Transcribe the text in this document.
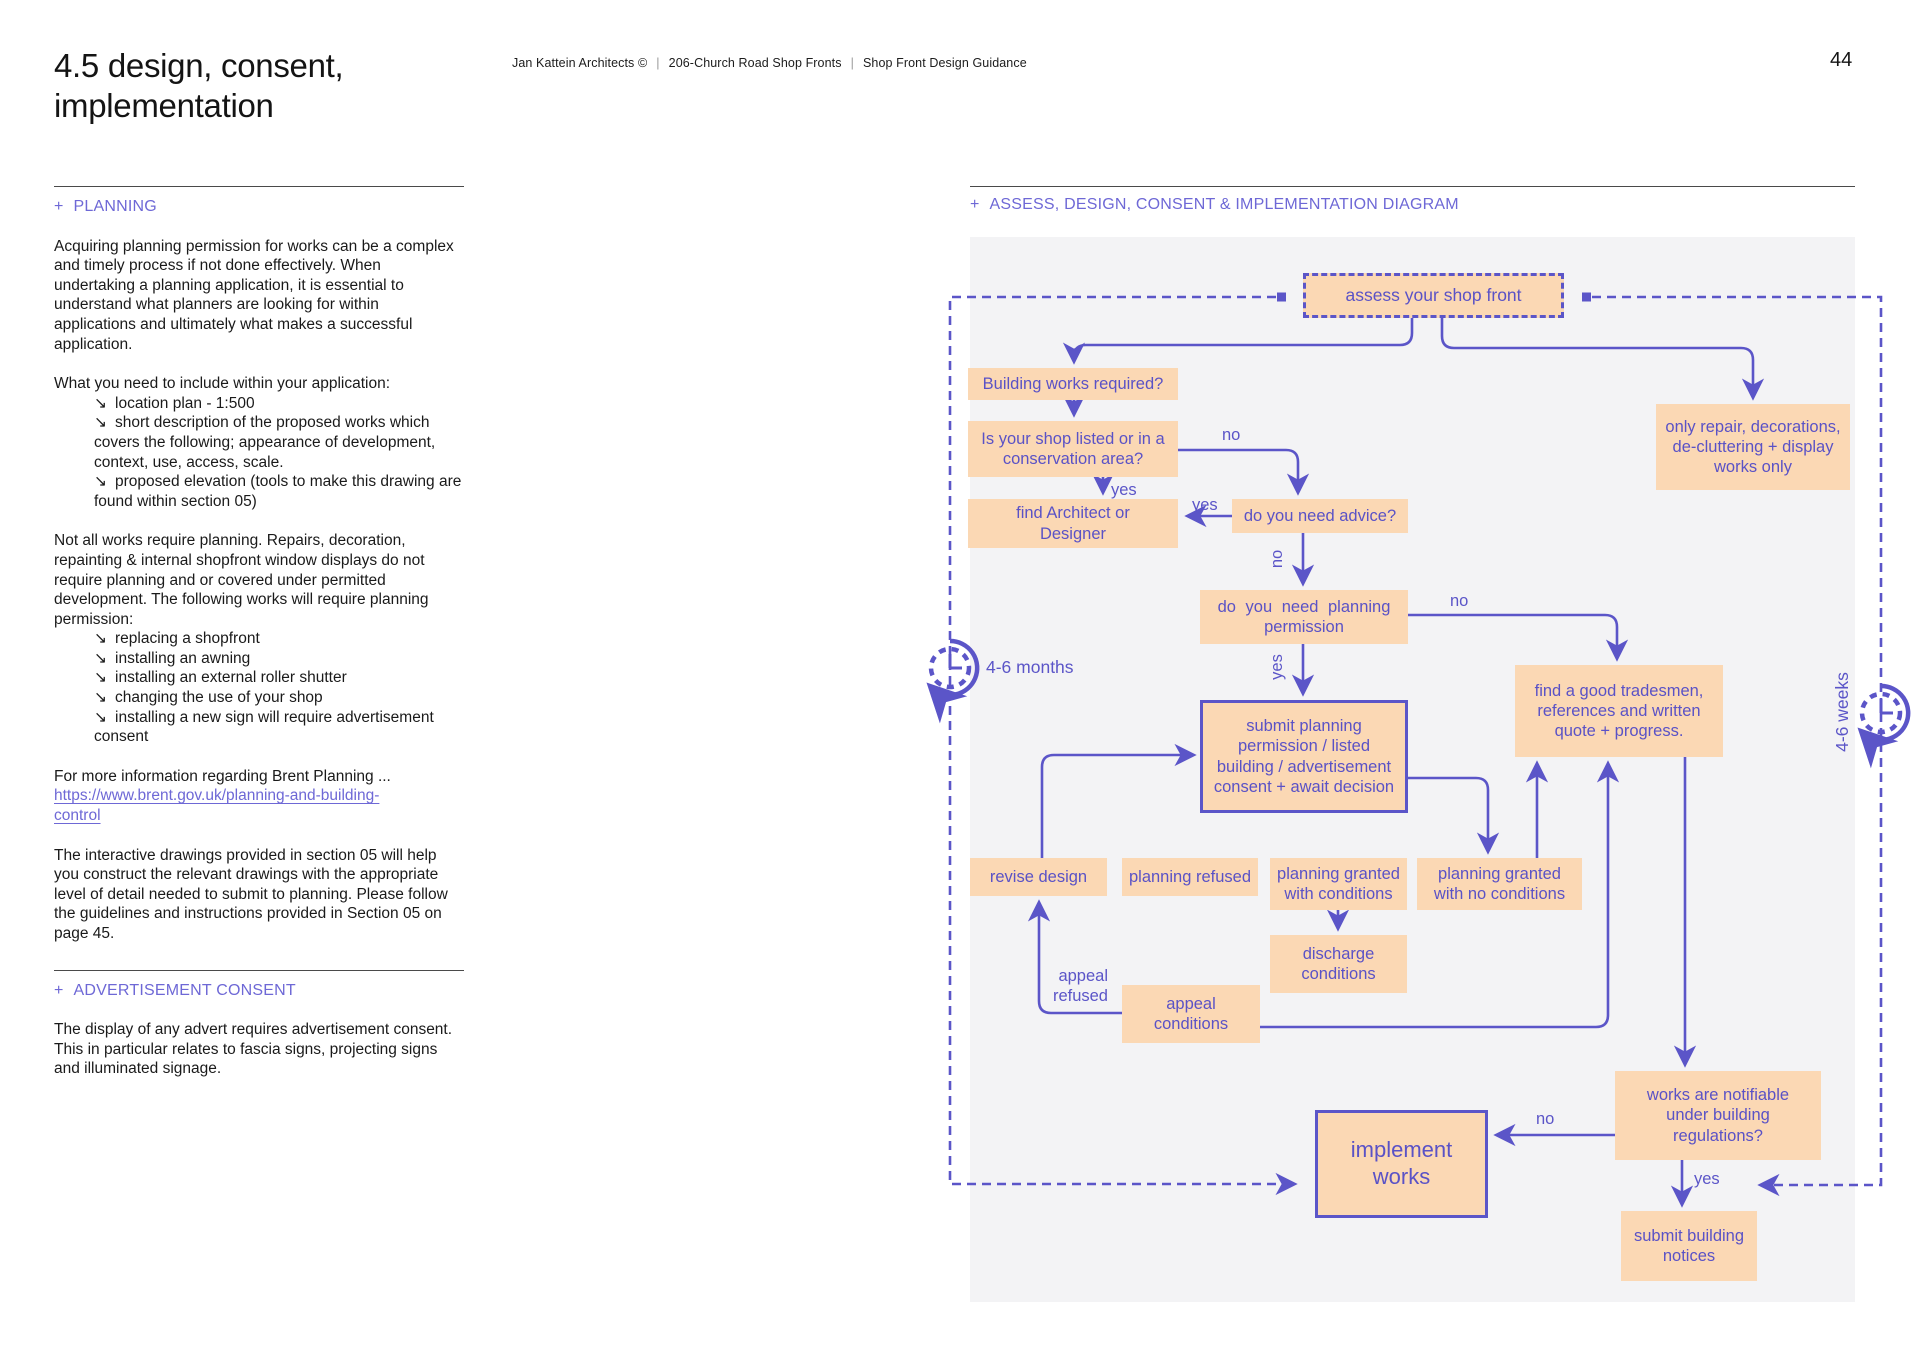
4.5 design, consent,
implementation
Jan Kattein Architects © | 206-Church Road Shop Fronts | Shop Front Design Guidance	44
+ PLANNING

Acquiring planning permission for works can be a complex and timely process if not done effectively. When undertaking a planning application, it is essential to understand what planners are looking for within applications and ultimately what makes a successful application.

What you need to include within your application:

↘ location plan - 1:500
↘ short description of the proposed works which covers the following; appearance of development, context, use, access, scale.
↘ proposed elevation (tools to make this drawing are found within section 05)

Not all works require planning. Repairs, decoration, repainting & internal shopfront window displays do not require planning and or covered under permitted development. The following works will require planning permission:

↘ replacing a shopfront
↘ installing an awning
↘ installing an external roller shutter
↘ changing the use of your shop
↘ installing a new sign will require advertisement consent

For more information regarding Brent Planning ...
https://www.brent.gov.uk/planning-and-building-
control

The interactive drawings provided in section 05 will help you construct the relevant drawings with the appropriate level of detail needed to submit to planning. Please follow the guidelines and instructions provided in Section 05 on page 45.

+ ADVERTISEMENT CONSENT

The display of any advert requires advertisement consent. This in particular relates to fascia signs, projecting signs and illuminated signage.

+ ASSESS, DESIGN, CONSENT & IMPLEMENTATION DIAGRAM
assess your shop front
Building works required?
Is your shop listed or in a conservation area?
find Architect or Designer
do you need advice?
only repair, decorations, de-cluttering + display works only
do you need planning permission
find a good tradesmen, references and written quote + progress.
submit planning permission / listed building / advertisement consent + await decision
revise design	planning refused	planning granted with conditions
planning granted with no conditions
discharge conditions
appeal conditions
works are notifiable under building regulations?
implement works
submit building notices
no
yes
yes
no
yes
no
4-6 months
4-6 weeks
appeal
refused
no
yes
